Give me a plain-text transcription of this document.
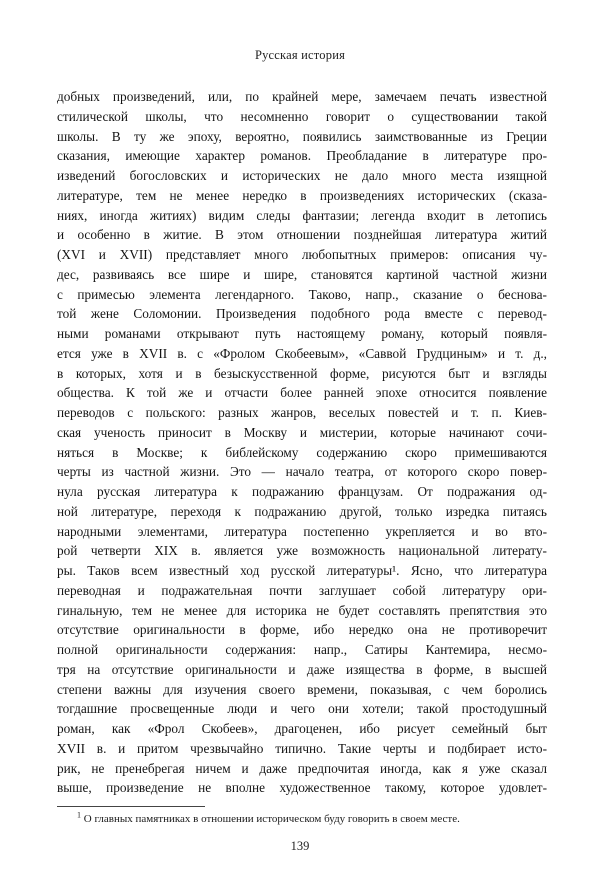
Русская история
добных произведений, или, по крайней мере, замечаем печать известной
стилической школы, что несомненно говорит о существовании такой
школы. В ту же эпоху, вероятно, появились заимствованные из Греции
сказания, имеющие характер романов. Преобладание в литературе про-
изведений богословских и исторических не дало много места изящной
литературе, тем не менее нередко в произведениях исторических (сказа-
ниях, иногда житиях) видим следы фантазии; легенда входит в летопись
и особенно в житие. В этом отношении позднейшая литература житий
(XVI и XVII) представляет много любопытных примеров: описания чу-
дес, развиваясь все шире и шире, становятся картиной частной жизни
с примесью элемента легендарного. Таково, напр., сказание о беснова-
той жене Соломонии. Произведения подобного рода вместе с перевод-
ными романами открывают путь настоящему роману, который появля-
ется уже в XVII в. с «Фролом Скобеевым», «Саввой Грудциным» и т. д.,
в которых, хотя и в безыскусственной форме, рисуются быт и взгляды
общества. К той же и отчасти более ранней эпохе относится появление
переводов с польского: разных жанров, веселых повестей и т. п. Киев-
ская ученость приносит в Москву и мистерии, которые начинают сочи-
няться в Москве; к библейскому содержанию скоро примешиваются
черты из частной жизни. Это — начало театра, от которого скоро повер-
нула русская литература к подражанию французам. От подражания од-
ной литературе, переходя к подражанию другой, только изредка питаясь
народными элементами, литература постепенно укрепляется и во вто-
рой четверти XIX в. является уже возможность национальной литерату-
ры. Таков всем известный ход русской литературы¹. Ясно, что литература
переводная и подражательная почти заглушает собой литературу ори-
гинальную, тем не менее для историка не будет составлять препятствия это
отсутствие оригинальности в форме, ибо нередко она не противоречит
полной оригинальности содержания: напр., Сатиры Кантемира, несмо-
тря на отсутствие оригинальности и даже изящества в форме, в высшей
степени важны для изучения своего времени, показывая, с чем боролись
тогдашние просвещенные люди и чего они хотели; такой простодушный
роман, как «Фрол Скобеев», драгоценен, ибо рисует семейный быт
XVII в. и притом чрезвычайно типично. Такие черты и подбирает исто-
рик, не пренебрегая ничем и даже предпочитая иногда, как я уже сказал
выше, произведение не вполне художественное такому, которое удовлет-
$^1$ О главных памятниках в отношении историческом буду говорить в своем месте.
139
